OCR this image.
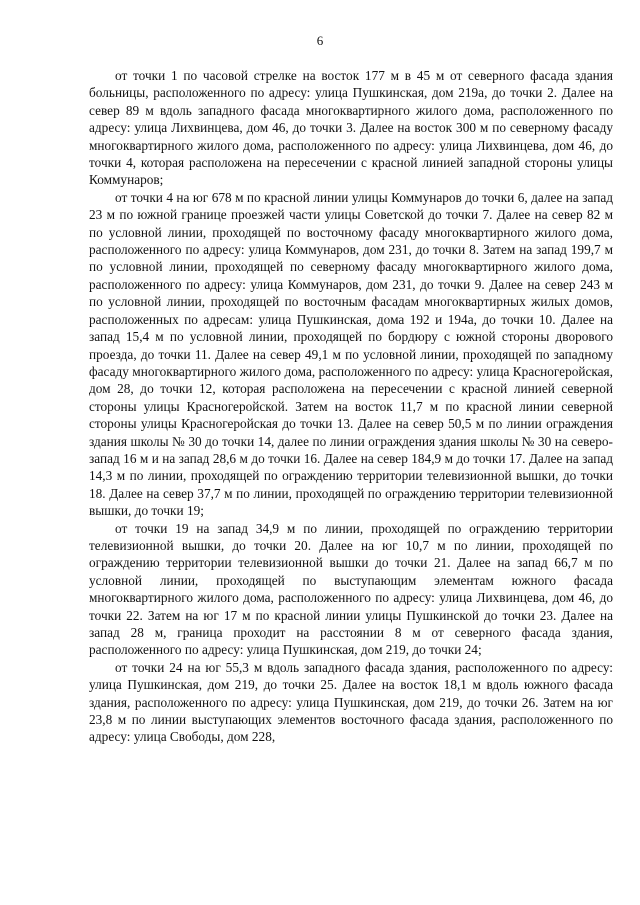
6

от точки 1 по часовой стрелке на восток 177 м в 45 м от северного фасада здания больницы, расположенного по адресу: улица Пушкинская, дом 219а, до точки 2. Далее на север 89 м вдоль западного фасада многоквартирного жилого дома, расположенного по адресу: улица Лихвинцева, дом 46, до точки 3. Далее на восток 300 м по северному фасаду многоквартирного жилого дома, расположенного по адресу: улица Лихвинцева, дом 46, до точки 4, которая расположена на пересечении с красной линией западной стороны улицы Коммунаров;

от точки 4 на юг 678 м по красной линии улицы Коммунаров до точки 6, далее на запад 23 м по южной границе проезжей части улицы Советской до точки 7. Далее на север 82 м по условной линии, проходящей по восточному фасаду многоквартирного жилого дома, расположенного по адресу: улица Коммунаров, дом 231, до точки 8. Затем на запад 199,7 м по условной линии, проходящей по северному фасаду многоквартирного жилого дома, расположенного по адресу: улица Коммунаров, дом 231, до точки 9. Далее на север 243 м по условной линии, проходящей по восточным фасадам многоквартирных жилых домов, расположенных по адресам: улица Пушкинская, дома 192 и 194а, до точки 10. Далее на запад 15,4 м по условной линии, проходящей по бордюру с южной стороны дворового проезда, до точки 11. Далее на север 49,1 м по условной линии, проходящей по западному фасаду многоквартирного жилого дома, расположенного по адресу: улица Красногеройская, дом 28, до точки 12, которая расположена на пересечении с красной линией северной стороны улицы Красногеройской. Затем на восток 11,7 м по красной линии северной стороны улицы Красногеройская до точки 13. Далее на север 50,5 м по линии ограждения здания школы № 30 до точки 14, далее по линии ограждения здания школы № 30 на северо-запад 16 м и на запад 28,6 м до точки 16. Далее на север 184,9 м до точки 17. Далее на запад 14,3 м по линии, проходящей по ограждению территории телевизионной вышки, до точки 18. Далее на север 37,7 м по линии, проходящей по ограждению территории телевизионной вышки, до точки 19;

от точки 19 на запад 34,9 м по линии, проходящей по ограждению территории телевизионной вышки, до точки 20. Далее на юг 10,7 м по линии, проходящей по ограждению территории телевизионной вышки до точки 21. Далее на запад 66,7 м по условной линии, проходящей по выступающим элементам южного фасада многоквартирного жилого дома, расположенного по адресу: улица Лихвинцева, дом 46, до точки 22. Затем на юг 17 м по красной линии улицы Пушкинской до точки 23. Далее на запад 28 м, граница проходит на расстоянии 8 м от северного фасада здания, расположенного по адресу: улица Пушкинская, дом 219, до точки 24;

от точки 24 на юг 55,3 м вдоль западного фасада здания, расположенного по адресу: улица Пушкинская, дом 219, до точки 25. Далее на восток 18,1 м вдоль южного фасада здания, расположенного по адресу: улица Пушкинская, дом 219, до точки 26. Затем на юг 23,8 м по линии выступающих элементов восточного фасада здания, расположенного по адресу: улица Свободы, дом 228,
